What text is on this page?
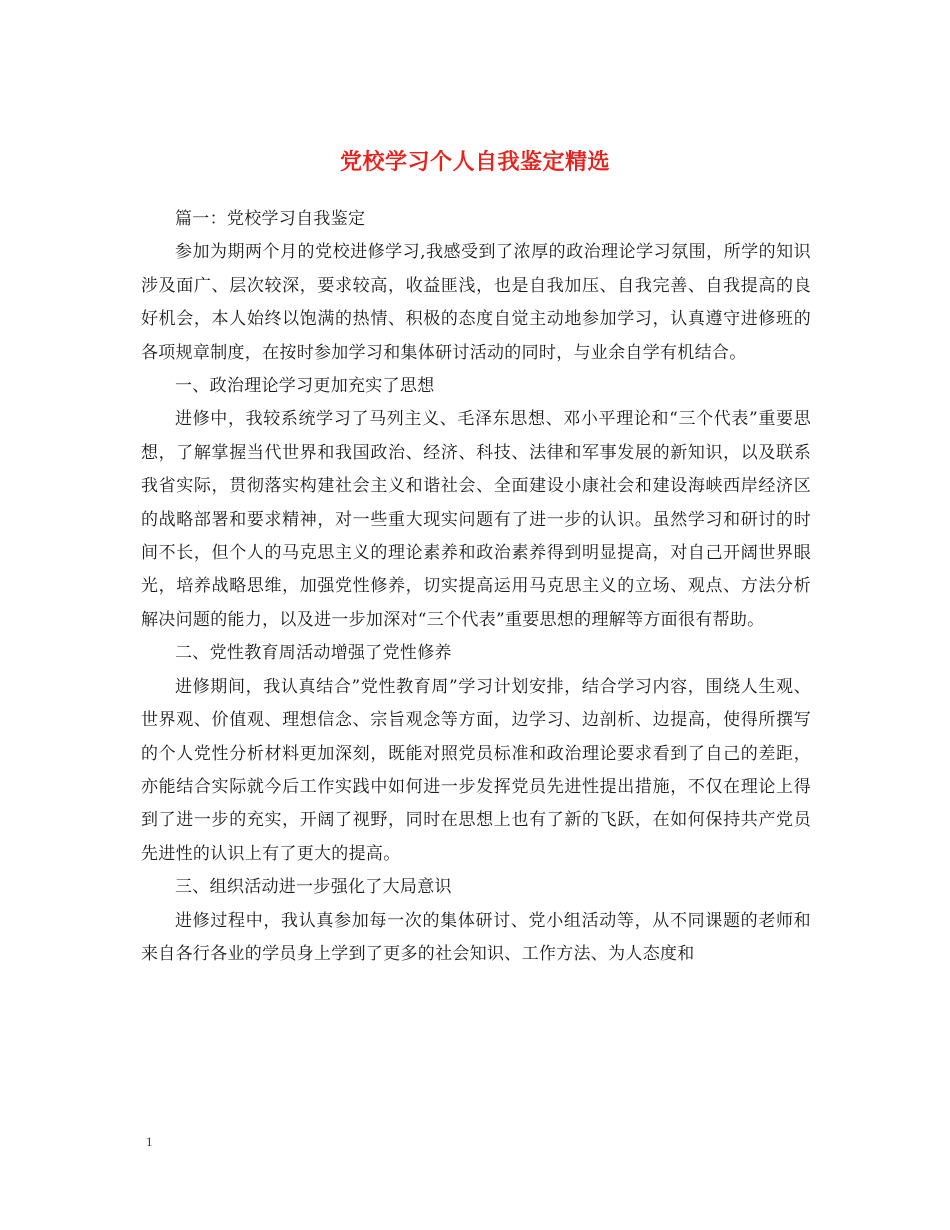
党校学习个人自我鉴定精选

篇一：党校学习自我鉴定

参加为期两个月的党校进修学习,我感受到了浓厚的政治理论学习氛围，所学的知识涉及面广、层次较深，要求较高，收益匪浅，也是自我加压、自我完善、自我提高的良好机会，本人始终以饱满的热情、积极的态度自觉主动地参加学习，认真遵守进修班的各项规章制度，在按时参加学习和集体研讨活动的同时，与业余自学有机结合。

一、政治理论学习更加充实了思想

进修中，我较系统学习了马列主义、毛泽东思想、邓小平理论和“三个代表”重要思想，了解掌握当代世界和我国政治、经济、科技、法律和军事发展的新知识，以及联系我省实际，贯彻落实构建社会主义和谐社会、全面建设小康社会和建设海峡西岸经济区的战略部署和要求精神，对一些重大现实问题有了进一步的认识。虽然学习和研讨的时间不长，但个人的马克思主义的理论素养和政治素养得到明显提高，对自己开阔世界眼光，培养战略思维，加强党性修养，切实提高运用马克思主义的立场、观点、方法分析解决问题的能力，以及进一步加深对“三个代表”重要思想的理解等方面很有帮助。

二、党性教育周活动增强了党性修养

进修期间，我认真结合”党性教育周”学习计划安排，结合学习内容，围绕人生观、世界观、价值观、理想信念、宗旨观念等方面，边学习、边剖析、边提高，使得所撰写的个人党性分析材料更加深刻，既能对照党员标准和政治理论要求看到了自己的差距，亦能结合实际就今后工作实践中如何进一步发挥党员先进性提出措施，不仅在理论上得到了进一步的充实，开阔了视野，同时在思想上也有了新的飞跃，在如何保持共产党员先进性的认识上有了更大的提高。

三、组织活动进一步强化了大局意识

进修过程中，我认真参加每一次的集体研讨、党小组活动等，从不同课题的老师和来自各行各业的学员身上学到了更多的社会知识、工作方法、为人态度和

1
